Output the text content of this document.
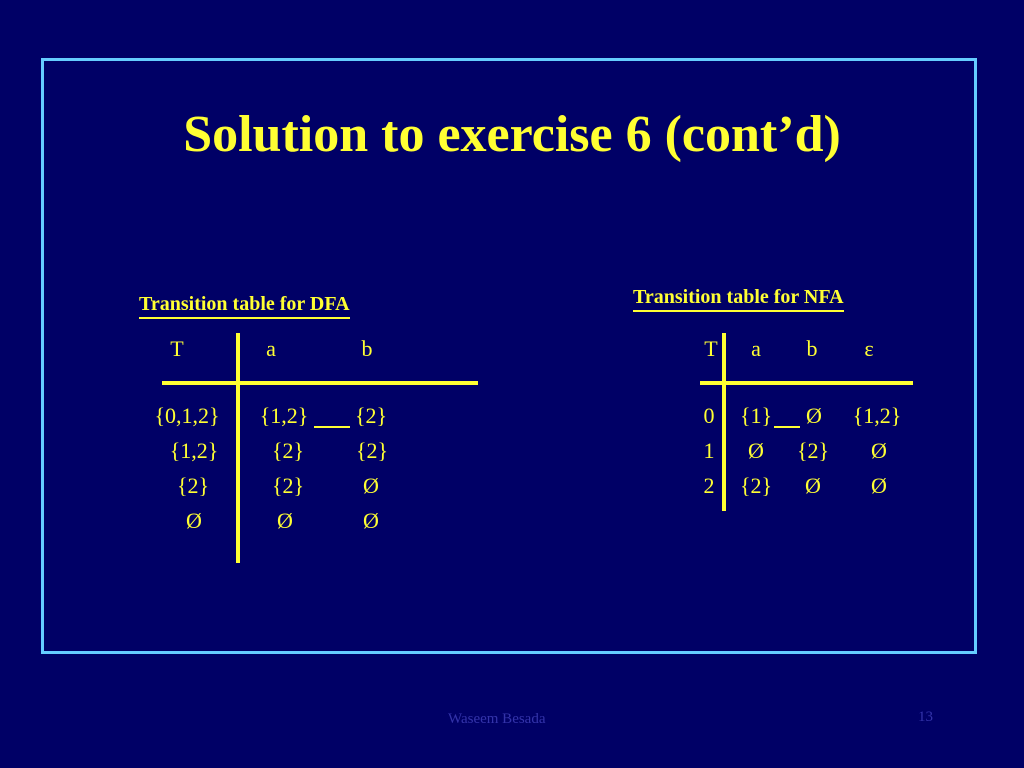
Solution to exercise 6 (cont’d)
Transition table for DFA
T	a	b
{0,1,2} {1,2} {2}
{1,2} {2} {2}
{2}	{2}	Ø
Ø	Ø	Ø
Transition table for NFA
T a b ε
0 {1} Ø {1,2}
1 Ø {2} Ø
2 {2} Ø Ø
Waseem Besada	13
